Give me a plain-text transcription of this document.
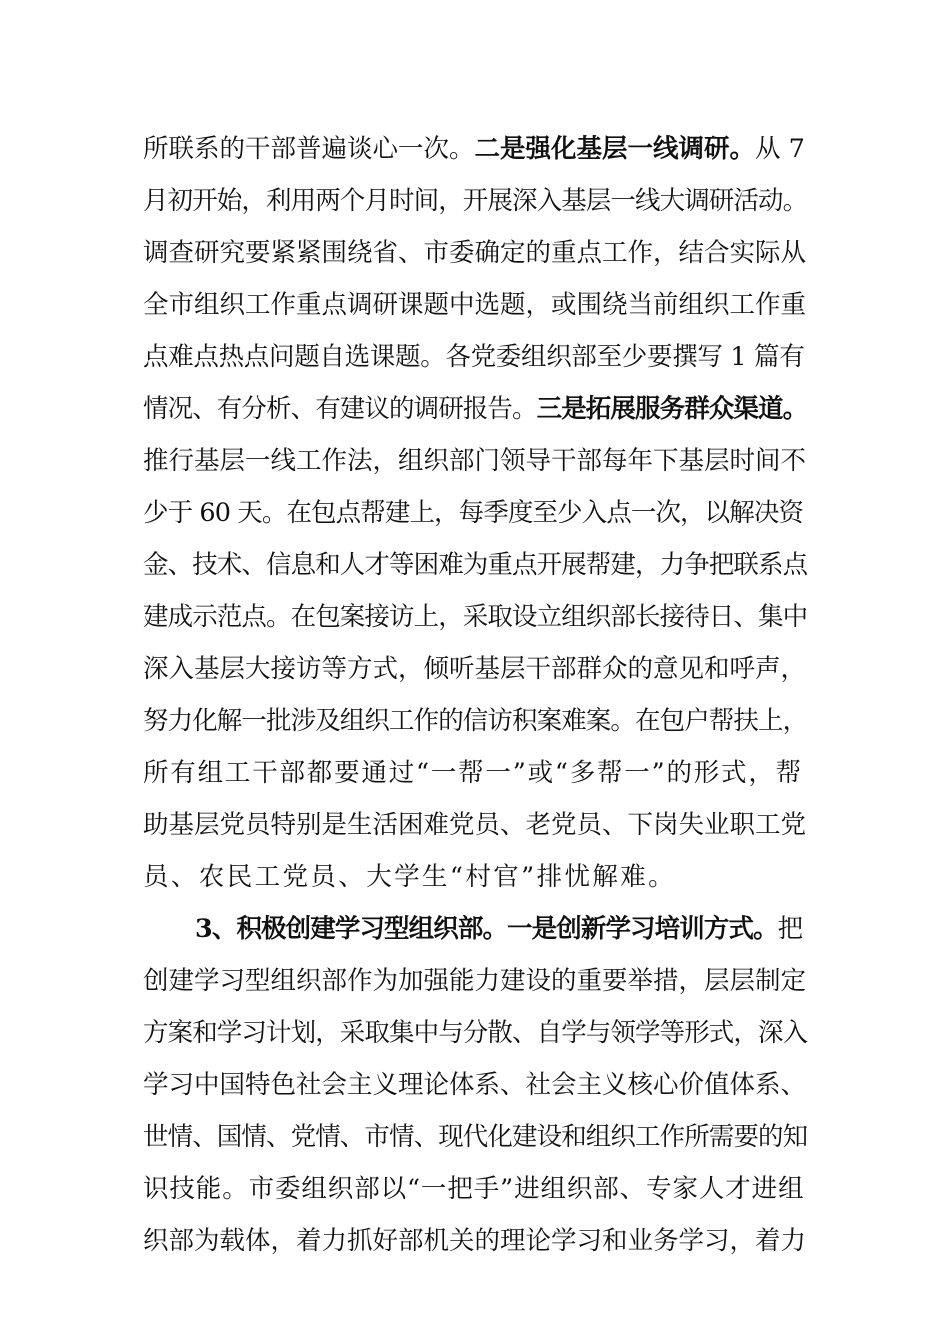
所联系的干部普遍谈心一次。二是强化基层一线调研。从 7
月初开始，利用两个月时间，开展深入基层一线大调研活动。
调查研究要紧紧围绕省、市委确定的重点工作，结合实际从
全市组织工作重点调研课题中选题，或围绕当前组织工作重
点难点热点问题自选课题。各党委组织部至少要撰写 1 篇有
情况、有分析、有建议的调研报告。三是拓展服务群众渠道。
推行基层一线工作法，组织部门领导干部每年下基层时间不
少于 60 天。在包点帮建上，每季度至少入点一次，以解决资
金、技术、信息和人才等困难为重点开展帮建，力争把联系点
建成示范点。在包案接访上，采取设立组织部长接待日、集中
深入基层大接访等方式，倾听基层干部群众的意见和呼声，
努力化解一批涉及组织工作的信访积案难案。在包户帮扶上，
所有组工干部都要通过“一帮一”或“多帮一”的形式，帮
助基层党员特别是生活困难党员、老党员、下岗失业职工党
员、农民工党员、大学生“村官”排忧解难。
3、积极创建学习型组织部。一是创新学习培训方式。把
创建学习型组织部作为加强能力建设的重要举措，层层制定
方案和学习计划，采取集中与分散、自学与领学等形式，深入
学习中国特色社会主义理论体系、社会主义核心价值体系、
世情、国情、党情、市情、现代化建设和组织工作所需要的知
识技能。市委组织部以“一把手”进组织部、专家人才进组
织部为载体，着力抓好部机关的理论学习和业务学习，着力
